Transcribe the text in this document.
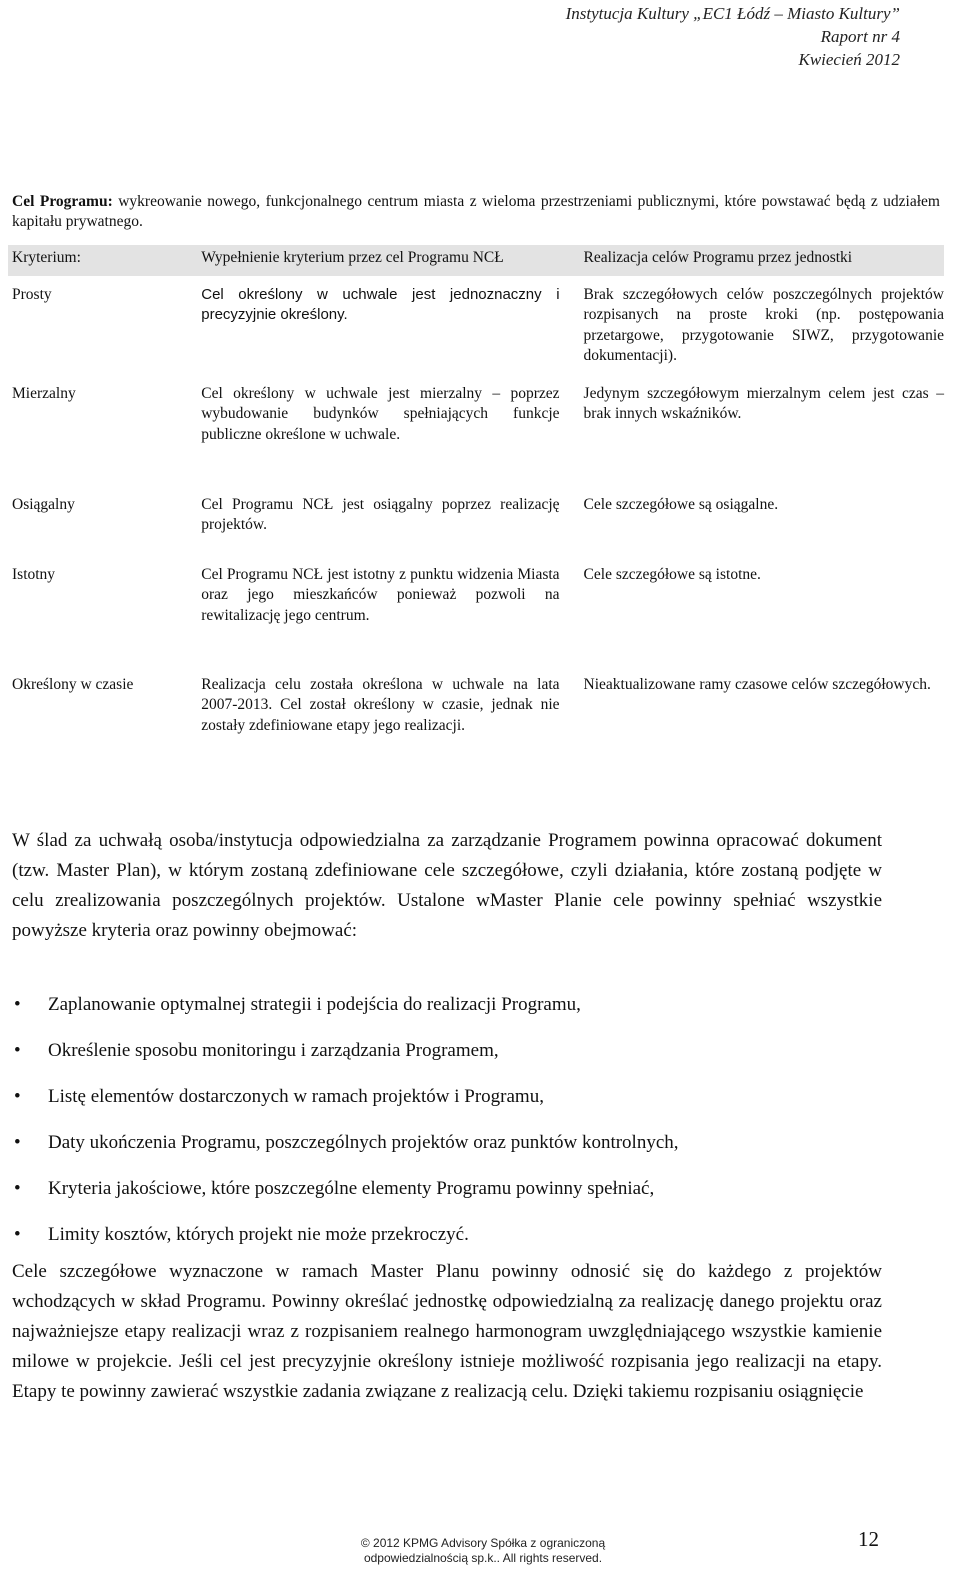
Instytucja Kultury „EC1 Łódź – Miasto Kultury”
Raport nr 4
Kwiecień 2012
Cel Programu: wykreowanie nowego, funkcjonalnego centrum miasta z wieloma przestrzeniami publicznymi, które powstawać będą z udziałem kapitału prywatnego.
Kryterium:	Wypełnienie kryterium przez cel Programu NCŁ	Realizacja celów Programu przez jednostki
Prosty	Cel określony w uchwale jest jednoznaczny i precyzyjnie określony.	Brak szczegółowych celów poszczególnych projektów rozpisanych na proste kroki (np. postępowania przetargowe, przygotowanie SIWZ, przygotowanie dokumentacji).
Mierzalny	Cel określony w uchwale jest mierzalny – poprzez wybudowanie budynków spełniających funkcje publiczne określone w uchwale.	Jedynym szczegółowym mierzalnym celem jest czas – brak innych wskaźników.
Osiągalny	Cel Programu NCŁ jest osiągalny poprzez realizację projektów.	Cele szczegółowe są osiągalne.
Istotny	Cel Programu NCŁ jest istotny z punktu widzenia Miasta oraz jego mieszkańców ponieważ pozwoli na rewitalizację jego centrum.	Cele szczegółowe są istotne.
Określony w czasie	Realizacja celu została określona w uchwale na lata 2007-2013. Cel został określony w czasie, jednak nie zostały zdefiniowane etapy jego realizacji.	Nieaktualizowane ramy czasowe celów szczegółowych.
W ślad za uchwałą osoba/instytucja odpowiedzialna za zarządzanie Programem powinna opracować dokument (tzw. Master Plan), w którym zostaną zdefiniowane cele szczegółowe, czyli działania, które zostaną podjęte w celu zrealizowania poszczególnych projektów. Ustalone wMaster Planie cele powinny spełniać wszystkie powyższe kryteria oraz powinny obejmować:
• Zaplanowanie optymalnej strategii i podejścia do realizacji Programu,
• Określenie sposobu monitoringu i zarządzania Programem,
• Listę elementów dostarczonych w ramach projektów i Programu,
• Daty ukończenia Programu, poszczególnych projektów oraz punktów kontrolnych,
• Kryteria jakościowe, które poszczególne elementy Programu powinny spełniać,
• Limity kosztów, których projekt nie może przekroczyć.
Cele szczegółowe wyznaczone w ramach Master Planu powinny odnosić się do każdego z projektów wchodzących w skład Programu. Powinny określać jednostkę odpowiedzialną za realizację danego projektu oraz najważniejsze etapy realizacji wraz z rozpisaniem realnego harmonogram uwzględniającego wszystkie kamienie milowe w projekcie. Jeśli cel jest precyzyjnie określony istnieje możliwość rozpisania jego realizacji na etapy. Etapy te powinny zawierać wszystkie zadania związane z realizacją celu. Dzięki takiemu rozpisaniu osiągnięcie
© 2012 KPMG Advisory Spółka z ograniczoną
odpowiedzialnością sp.k.. All rights reserved.
12
